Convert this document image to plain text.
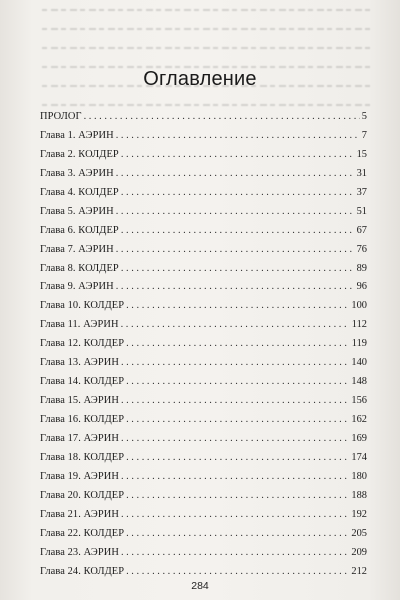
Оглавление
ПРОЛОГ . . .	5
Глава 1. АЭРИН . . .	7
Глава 2. КОЛДЕР . . .	15
Глава 3. АЭРИН . . .	31
Глава 4. КОЛДЕР . . .	37
Глава 5. АЭРИН . . .	51
Глава 6. КОЛДЕР . . .	67
Глава 7. АЭРИН . . .	76
Глава 8. КОЛДЕР . . .	89
Глава 9. АЭРИН . . .	96
Глава 10. КОЛДЕР . . .	100
Глава 11. АЭРИН . . .	112
Глава 12. КОЛДЕР . . .	119
Глава 13. АЭРИН . . .	140
Глава 14. КОЛДЕР . . .	148
Глава 15. АЭРИН . . .	156
Глава 16. КОЛДЕР . . .	162
Глава 17. АЭРИН . . .	169
Глава 18. КОЛДЕР . . .	174
Глава 19. АЭРИН . . .	180
Глава 20. КОЛДЕР . . .	188
Глава 21. АЭРИН . . .	192
Глава 22. КОЛДЕР . . .	205
Глава 23. АЭРИН . . .	209
Глава 24. КОЛДЕР . . .	212
284
